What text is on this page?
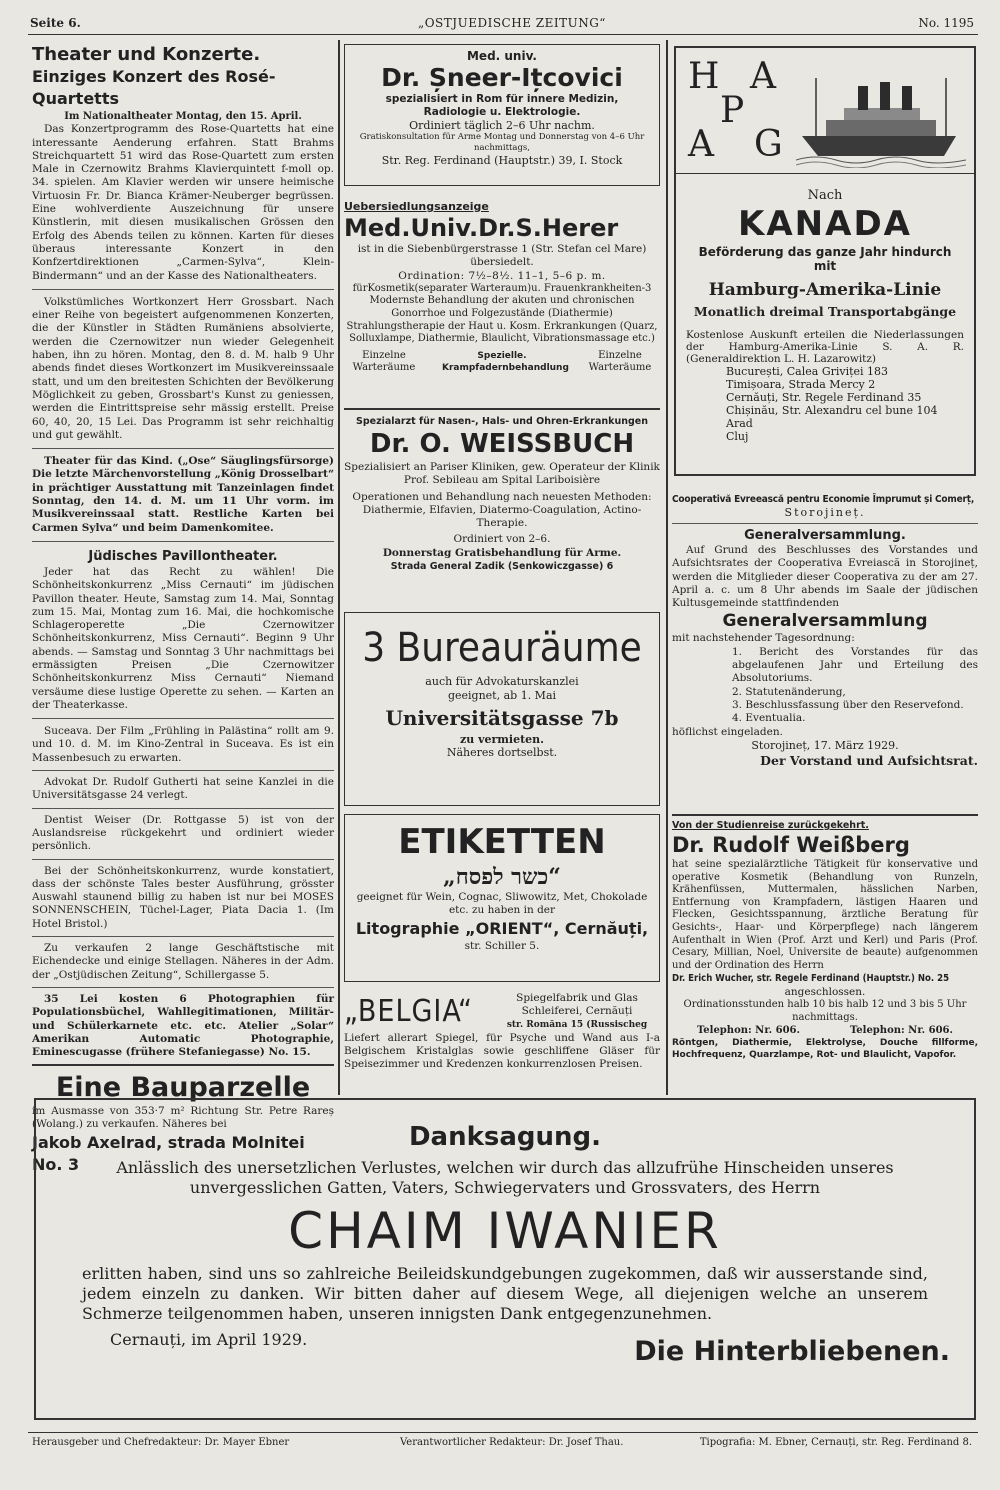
Seite 6.	„OSTJUEDISCHE ZEITUNG“	No. 1195
Theater und Konzerte.
Einziges Konzert des Rosé-Quartetts

Im Nationaltheater Montag, den 15. April.

Das Konzertprogramm des Rose-Quartetts hat eine interessante Aenderung erfahren. Statt Brahms Streichquartett 51 wird das Rose-Quartett zum ersten Male in Czernowitz Brahms Klavierquintett f-moll op. 34. spielen. Am Klavier werden wir unsere heimische Virtuosin Fr. Dr. Bianca Krämer-Neuberger begrüssen. Eine wohlverdiente Auszeichnung für unsere Künstlerin, mit diesen musikalischen Grössen den Erfolg des Abends teilen zu können. Karten für dieses überaus interessante Konzert in den Konfzertdirektionen „Carmen-Sylva“, Klein-Bindermann“ und an der Kasse des Nationaltheaters.

Volkstümliches Wortkonzert Herr Grossbart. Nach einer Reihe von begeistert aufgenommenen Konzerten, die der Künstler in Städten Rumäniens absolvierte, werden die Czernowitzer nun wieder Gelegenheit haben, ihn zu hören. Montag, den 8. d. M. halb 9 Uhr abends findet dieses Wortkonzert im Musikvereinssaale statt, und um den breitesten Schichten der Bevölkerung Möglichkeit zu geben, Grossbart's Kunst zu geniessen, werden die Eintrittspreise sehr mässig erstellt. Preise 60, 40, 20, 15 Lei. Das Programm ist sehr reichhaltig und gut gewählt.

Theater für das Kind. („Ose“ Säuglingsfürsorge) Die letzte Märchenvorstellung „König Drosselbart“ in prächtiger Ausstattung mit Tanzeinlagen findet Sonntag, den 14. d. M. um 11 Uhr vorm. im Musikvereinssaal statt. Restliche Karten bei Carmen Sylva“ und beim Damenkomitee.

Jüdisches Pavillontheater.

Jeder hat das Recht zu wählen! Die Schönheitskonkurrenz „Miss Cernauti“ im jüdischen Pavillon theater. Heute, Samstag zum 14. Mai, Sonntag zum 15. Mai, Montag zum 16. Mai, die hochkomische Schlageroperette „Die Czernowitzer Schönheitskonkurrenz, Miss Cernauti“. Beginn 9 Uhr abends. — Samstag und Sonntag 3 Uhr nachmittags bei ermässigten Preisen „Die Czernowitzer Schönheitskonkurrenz Miss Cernauti“ Niemand versäume diese lustige Operette zu sehen. — Karten an der Theaterkasse.

Suceava. Der Film „Frühling in Palästina“ rollt am 9. und 10. d. M. im Kino-Zentral in Suceava. Es ist ein Massenbesuch zu erwarten.

Advokat Dr. Rudolf Gutherti hat seine Kanzlei in die Universitätsgasse 24 verlegt.

Dentist Weiser (Dr. Rottgasse 5) ist von der Auslandsreise rückgekehrt und ordiniert wieder persönlich.

Bei der Schönheitskonkurrenz, wurde konstatiert, dass der schönste Tales bester Ausführung, grösster Auswahl staunend billig zu haben ist nur bei MOSES SONNENSCHEIN, Tüchel-Lager, Piata Dacia 1. (Im Hotel Bristol.)

Zu verkaufen 2 lange Geschäftstische mit Eichendecke und einige Stellagen. Näheres in der Adm. der „Ostjüdischen Zeitung“, Schillergasse 5.

35 Lei kosten 6 Photographien für Populationsbüchel, Wahllegitimationen, Militär- und Schülerkarnete etc. etc. Atelier „Solar“ Amerikan Automatic Photographie, Eminescugasse (frühere Stefaniegasse) No. 15.

Eine Bauparzelle

im Ausmasse von 353·7 m² Richtung Str. Petre Rareș (Wolang.) zu verkaufen. Näheres bei

Jakob Axelrad, strada Molnitei No. 3
Med. univ.
Dr. Șneer-Ițcovici

spezialisiert in Rom für innere Medizin, Radiologie u. Elektrologie.

Ordiniert täglich 2–6 Uhr nachm.

Gratiskonsultation für Arme Montag und Donnerstag von 4–6 Uhr nachmittags,

Str. Reg. Ferdinand (Hauptstr.) 39, I. Stock

Uebersiedlungsanzeige
Med.Univ.Dr.S.Herer

ist in die Siebenbürgerstrasse 1 (Str. Stefan cel Mare) übersiedelt.

Ordination: 7½–8½. 11–1, 5–6 p. m.

fürKosmetik(separater Warteraum)u. Frauenkrankheiten-3 Modernste Behandlung der akuten und chronischen Gonorrhoe und Folgezustände (Diathermie) Strahlungstherapie der Haut u. Kosm. Erkrankungen (Quarz, Solluxlampe, Diathermie, Blaulicht, Vibrationsmassage etc.)

Einzelne Warteräume
Spezielle. Krampfadernbehandlung
Einzelne Warteräume
Spezialarzt für Nasen-, Hals- und Ohren-Erkrankungen
Dr. O. WEISSBUCH

Spezialisiert an Pariser Kliniken, gew. Operateur der Klinik Prof. Sebileau am Spital Lariboisière

Operationen und Behandlung nach neuesten Methoden: Diathermie, Elfavien, Diatermo-Coagulation, Actino-Therapie.

Ordiniert von 2–6.

Donnerstag Gratisbehandlung für Arme.

Strada General Zadik (Senkowiczgasse) 6

3 Bureauräume

auch für Advokaturskanzlei geeignet, ab 1. Mai

Universitätsgasse 7b

zu vermieten.

Näheres dortselbst.

ETIKETTEN
„כשר לפסח“

geeignet für Wein, Cognac, Sliwowitz, Met, Chokolade etc. zu haben in der

Litographie „ORIENT“, Cernăuți,

str. Schiller 5.

„BELGIA“	Spiegelfabrik und Glas Schleiferei, Cernăuți

str. Romăna 15 (Russischeg

Liefert allerart Spiegel, für Psyche und Wand aus I-a Belgischem Kristalglas sowie geschliffene Gläser für Speisezimmer und Kredenzen konkurrenzlosen Preisen.

H A
P
A G
Nach
KANADA

Beförderung das ganze Jahr hindurch mit

Hamburg-Amerika-Linie
Monatlich dreimal Transportabgänge

Kostenlose Auskunft erteilen die Niederlassungen der Hamburg-Amerika-Linie S. A. R. (Generaldirektion L. H. Lazarowitz)

București, Calea Griviței 183
Timișoara, Strada Mercy 2
Cernăuți, Str. Regele Ferdinand 35
Chișinău, Str. Alexandru cel bune 104
Arad
Cluj
Cooperativă Evreească pentru Economie Împrumut și Comerț,
Storojineț.
Generalversammlung.

Auf Grund des Beschlusses des Vorstandes und Aufsichtsrates der Cooperativa Evreiască in Storojineț, werden die Mitglieder dieser Cooperativa zu der am 27. April a. c. um 8 Uhr abends im Saale der jüdischen Kultusgemeinde stattfindenden

Generalversammlung

mit nachstehender Tagesordnung:

1. Bericht des Vorstandes für das abgelaufenen Jahr und Erteilung des Absolutoriums.

2. Statutenänderung,

3. Beschlussfassung über den Reservefond.

4. Eventualia.

höflichst eingeladen.

Storojineț, 17. März 1929.

Der Vorstand und Aufsichtsrat.
Von der Studienreise zurückgekehrt.
Dr. Rudolf Weißberg

hat seine spezialärztliche Tätigkeit für konservative und operative Kosmetik (Behandlung von Runzeln, Krähenfüssen, Muttermalen, hässlichen Narben, Entfernung von Krampfadern, lästigen Haaren und Flecken, Gesichtsspannung, ärztliche Beratung für Gesichts-, Haar- und Körperpflege) nach längerem Aufenthalt in Wien (Prof. Arzt und Kerl) und Paris (Prof. Cesary, Millian, Noel, Universite de beaute) aufgenommen und der Ordination des Herrn

Dr. Erich Wucher, str. Regele Ferdinand (Hauptstr.) No. 25

angeschlossen.

Ordinationsstunden halb 10 bis halb 12 und 3 bis 5 Uhr nachmittags.

Telephon: Nr. 606.	Telephon: Nr. 606.

Röntgen, Diathermie, Elektrolyse, Douche fillforme, Hochfrequenz, Quarzlampe, Rot- und Blaulicht, Vapofor.

Danksagung.

Anlässlich des unersetzlichen Verlustes, welchen wir durch das allzufrühe Hinscheiden unseres unvergesslichen Gatten, Vaters, Schwiegervaters und Grossvaters, des Herrn

CHAIM IWANIER

erlitten haben, sind uns so zahlreiche Beileidskundgebungen zugekommen, daß wir ausserstande sind, jedem einzeln zu danken. Wir bitten daher auf diesem Wege, all diejenigen welche an unserem Schmerze teilgenommen haben, unseren innigsten Dank entgegenzunehmen.

Cernauți, im April 1929.	Die Hinterbliebenen.
Herausgeber und Chefredakteur: Dr. Mayer Ebner	Verantwortlicher Redakteur: Dr. Josef Thau.	Tipografia: M. Ebner, Cernauți, str. Reg. Ferdinand 8.
